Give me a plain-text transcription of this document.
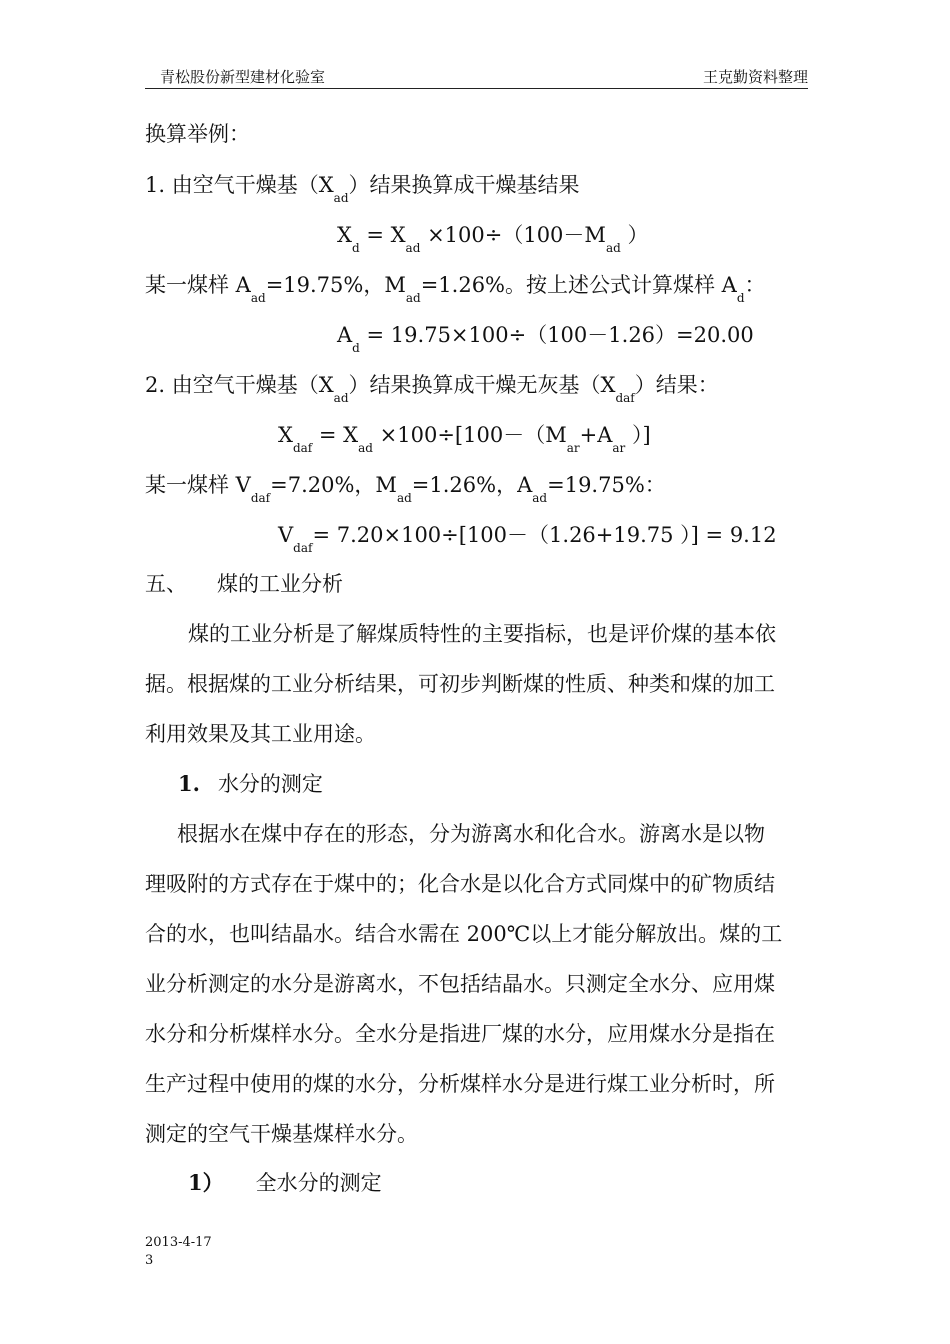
青松股份新型建材化验室	王克勤资料整理
换算举例：
1. 由空气干燥基$(X_{ad})$结果换算成干燥基结果
$X_d = X_{ad} \times 100\div(100-M_{ad}$ ）
某一煤样 $A_{ad}=19.75\%$，$M_{ad}=1.26\%$。按上述公式计算煤样 $A_d$：
$A_d = 19.75\times 100\div(100-1.26)=20.00$
2. 由空气干燥基$(X_{ad})$结果换算成干燥无灰基$(X_{daf})$结果：
$X_{daf} = X_{ad} \times 100\div[100-(M_{ar}+A_{ar}$ ）]
某一煤样 $V_{daf}=7.20\%$，$M_{ad}=1.26\%$，$A_{ad}=19.75\%$：
$V_{daf}= 7.20\times 100\div[100-(1.26+19.75$ ）] = 9.12
五、 煤的工业分析
煤的工业分析是了解煤质特性的主要指标，也是评价煤的基本依
据。根据煤的工业分析结果，可初步判断煤的性质、种类和煤的加工
利用效果及其工业用途。
1. 水分的测定
根据水在煤中存在的形态，分为游离水和化合水。游离水是以物
理吸附的方式存在于煤中的；化合水是以化合方式同煤中的矿物质结
合的水，也叫结晶水。结合水需在 200℃以上才能分解放出。煤的工
业分析测定的水分是游离水，不包括结晶水。只测定全水分、应用煤
水分和分析煤样水分。全水分是指进厂煤的水分，应用煤水分是指在
生产过程中使用的煤的水分，分析煤样水分是进行煤工业分析时，所
测定的空气干燥基煤样水分。
1） 全水分的测定
2013-4-17
3
